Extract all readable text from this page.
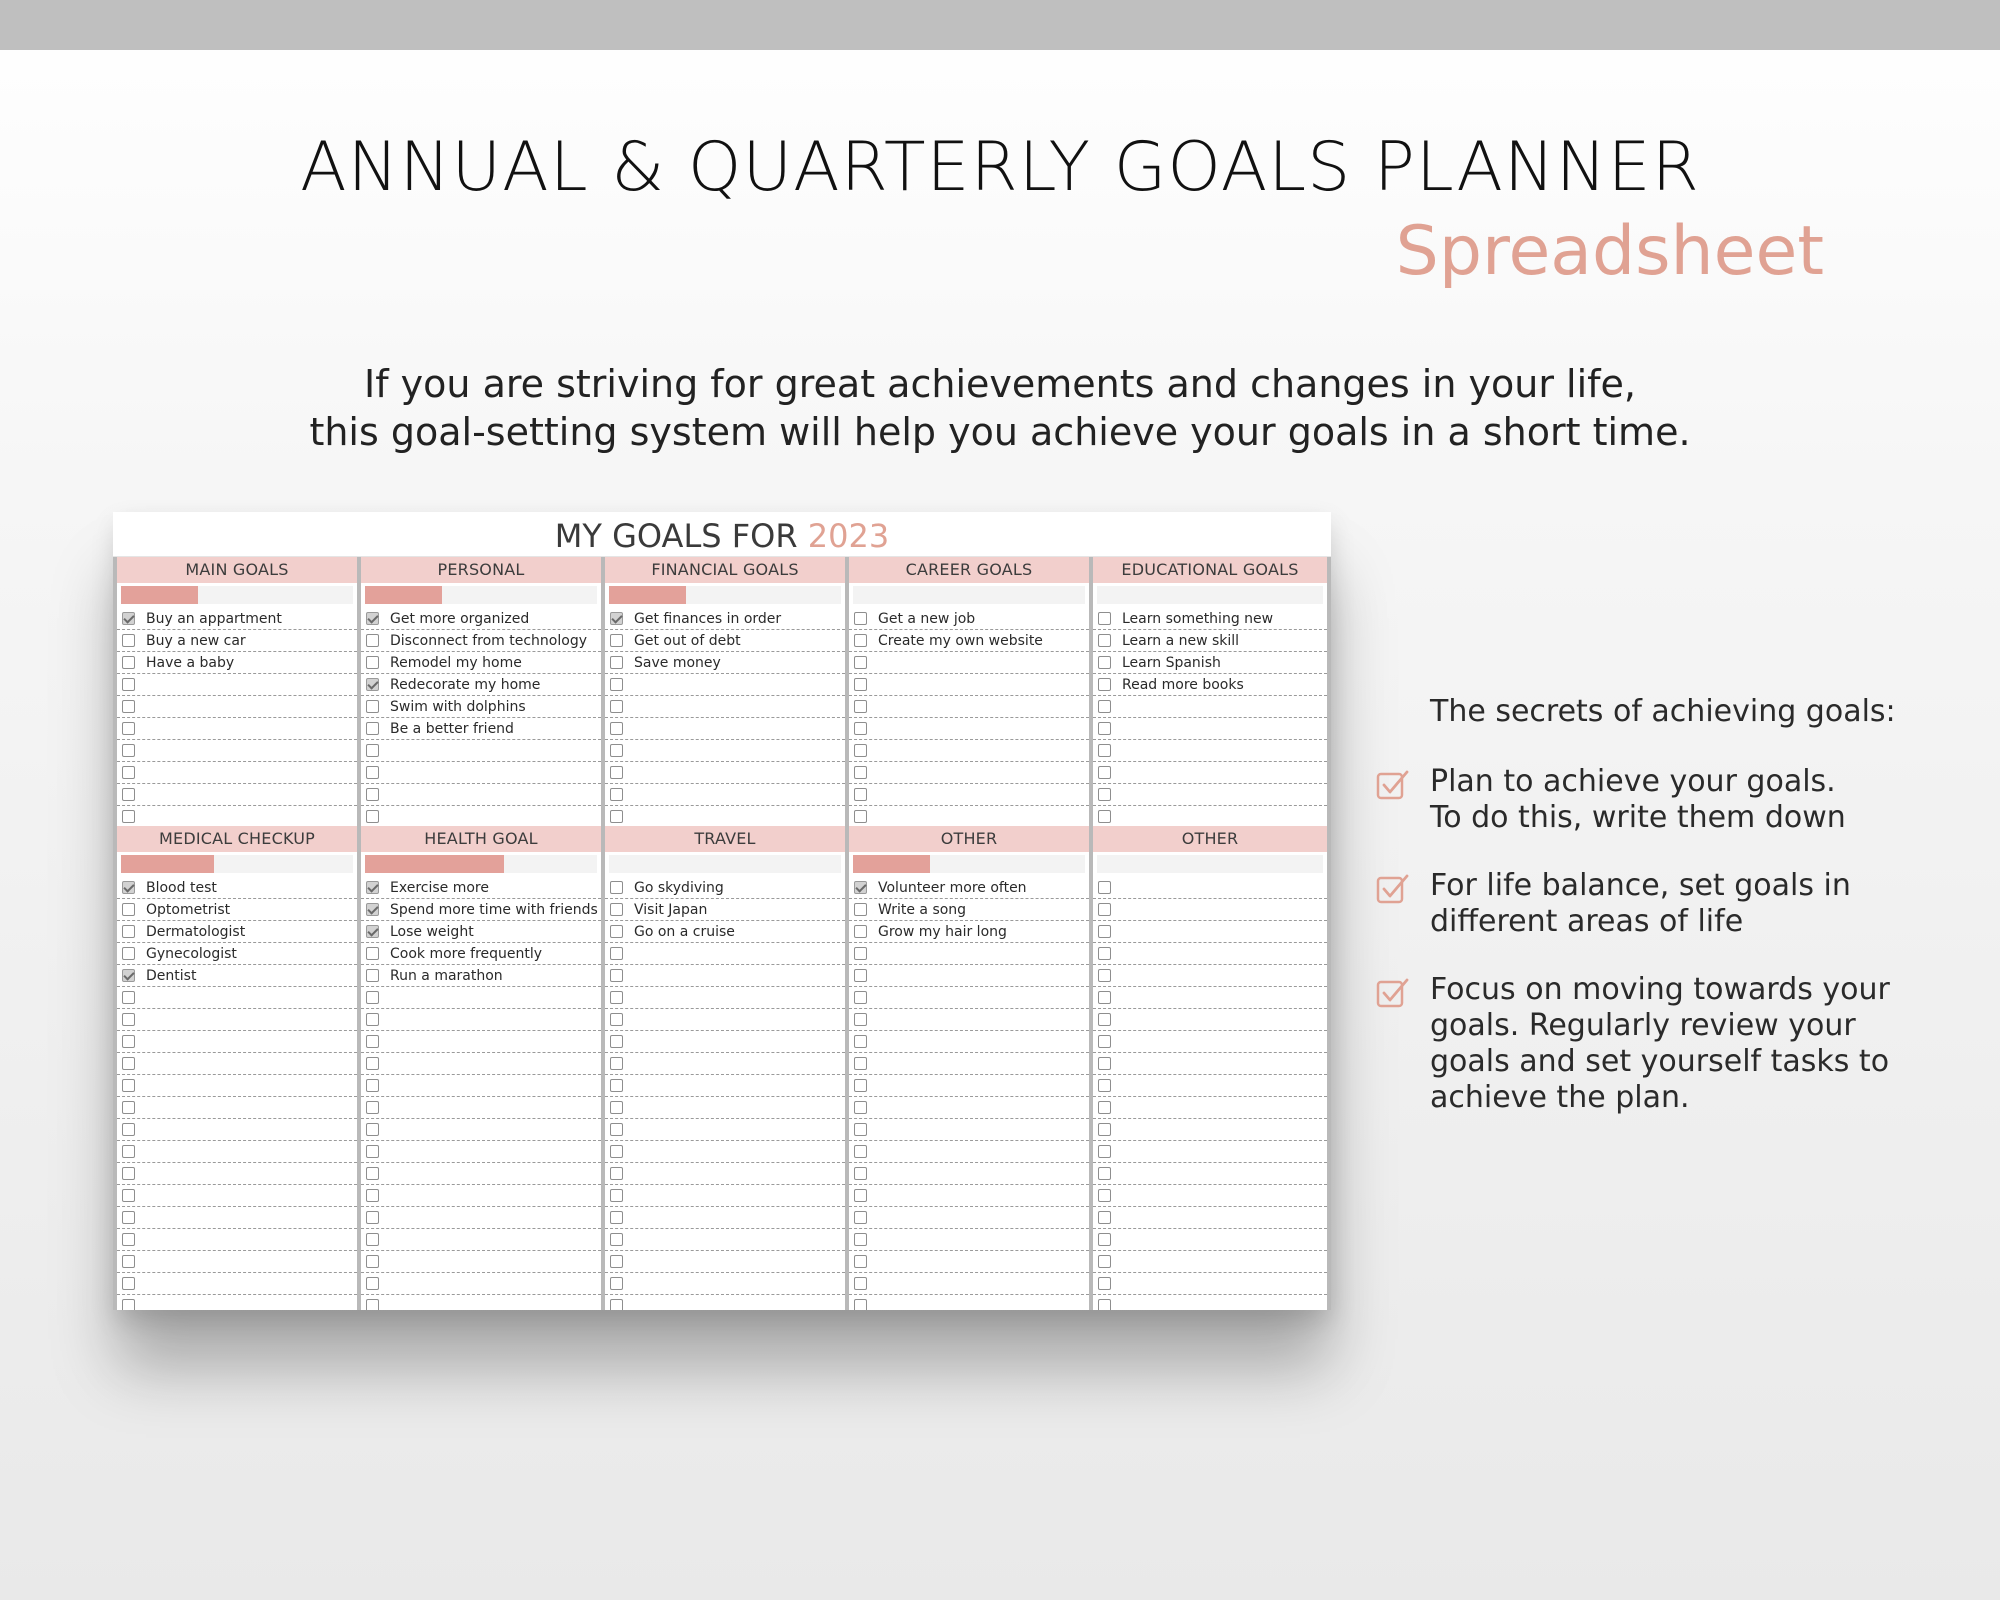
ANNUAL & QUARTERLY GOALS PLANNER
Spreadsheet
If you are striving for great achievements and changes in your life,
this goal-setting system will help you achieve your goals in a short time.
MY GOALS FOR 2023
MAIN GOALS
Buy an appartment
Buy a new car
Have a baby
PERSONAL
Get more organized
Disconnect from technology
Remodel my home
Redecorate my home
Swim with dolphins
Be a better friend
FINANCIAL GOALS
Get finances in order
Get out of debt
Save money
CAREER GOALS
Get a new job
Create my own website
EDUCATIONAL GOALS
Learn something new
Learn a new skill
Learn Spanish
Read more books
MEDICAL CHECKUP
Blood test
Optometrist
Dermatologist
Gynecologist
Dentist
HEALTH GOAL
Exercise more
Spend more time with friends
Lose weight
Cook more frequently
Run a marathon
TRAVEL
Go skydiving
Visit Japan
Go on a cruise
OTHER
Volunteer more often
Write a song
Grow my hair long
OTHER
The secrets of achieving goals:
Plan to achieve your goals.
To do this, write them down
For life balance, set goals in
different areas of life
Focus on moving towards your
goals. Regularly review your
goals and set yourself tasks to
achieve the plan.
